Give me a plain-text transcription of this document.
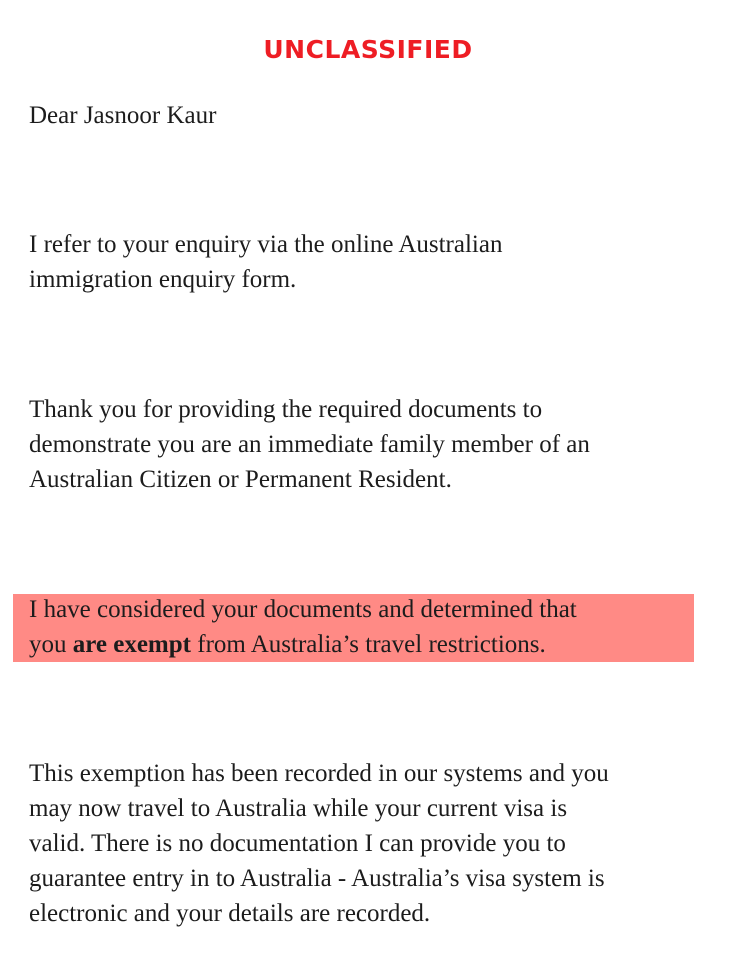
UNCLASSIFIED
Dear Jasnoor Kaur
I refer to your enquiry via the online Australian
immigration enquiry form.
Thank you for providing the required documents to
demonstrate you are an immediate family member of an
Australian Citizen or Permanent Resident.
I have considered your documents and determined that
you are exempt from Australia’s travel restrictions.
This exemption has been recorded in our systems and you
may now travel to Australia while your current visa is
valid. There is no documentation I can provide you to
guarantee entry in to Australia - Australia’s visa system is
electronic and your details are recorded.
